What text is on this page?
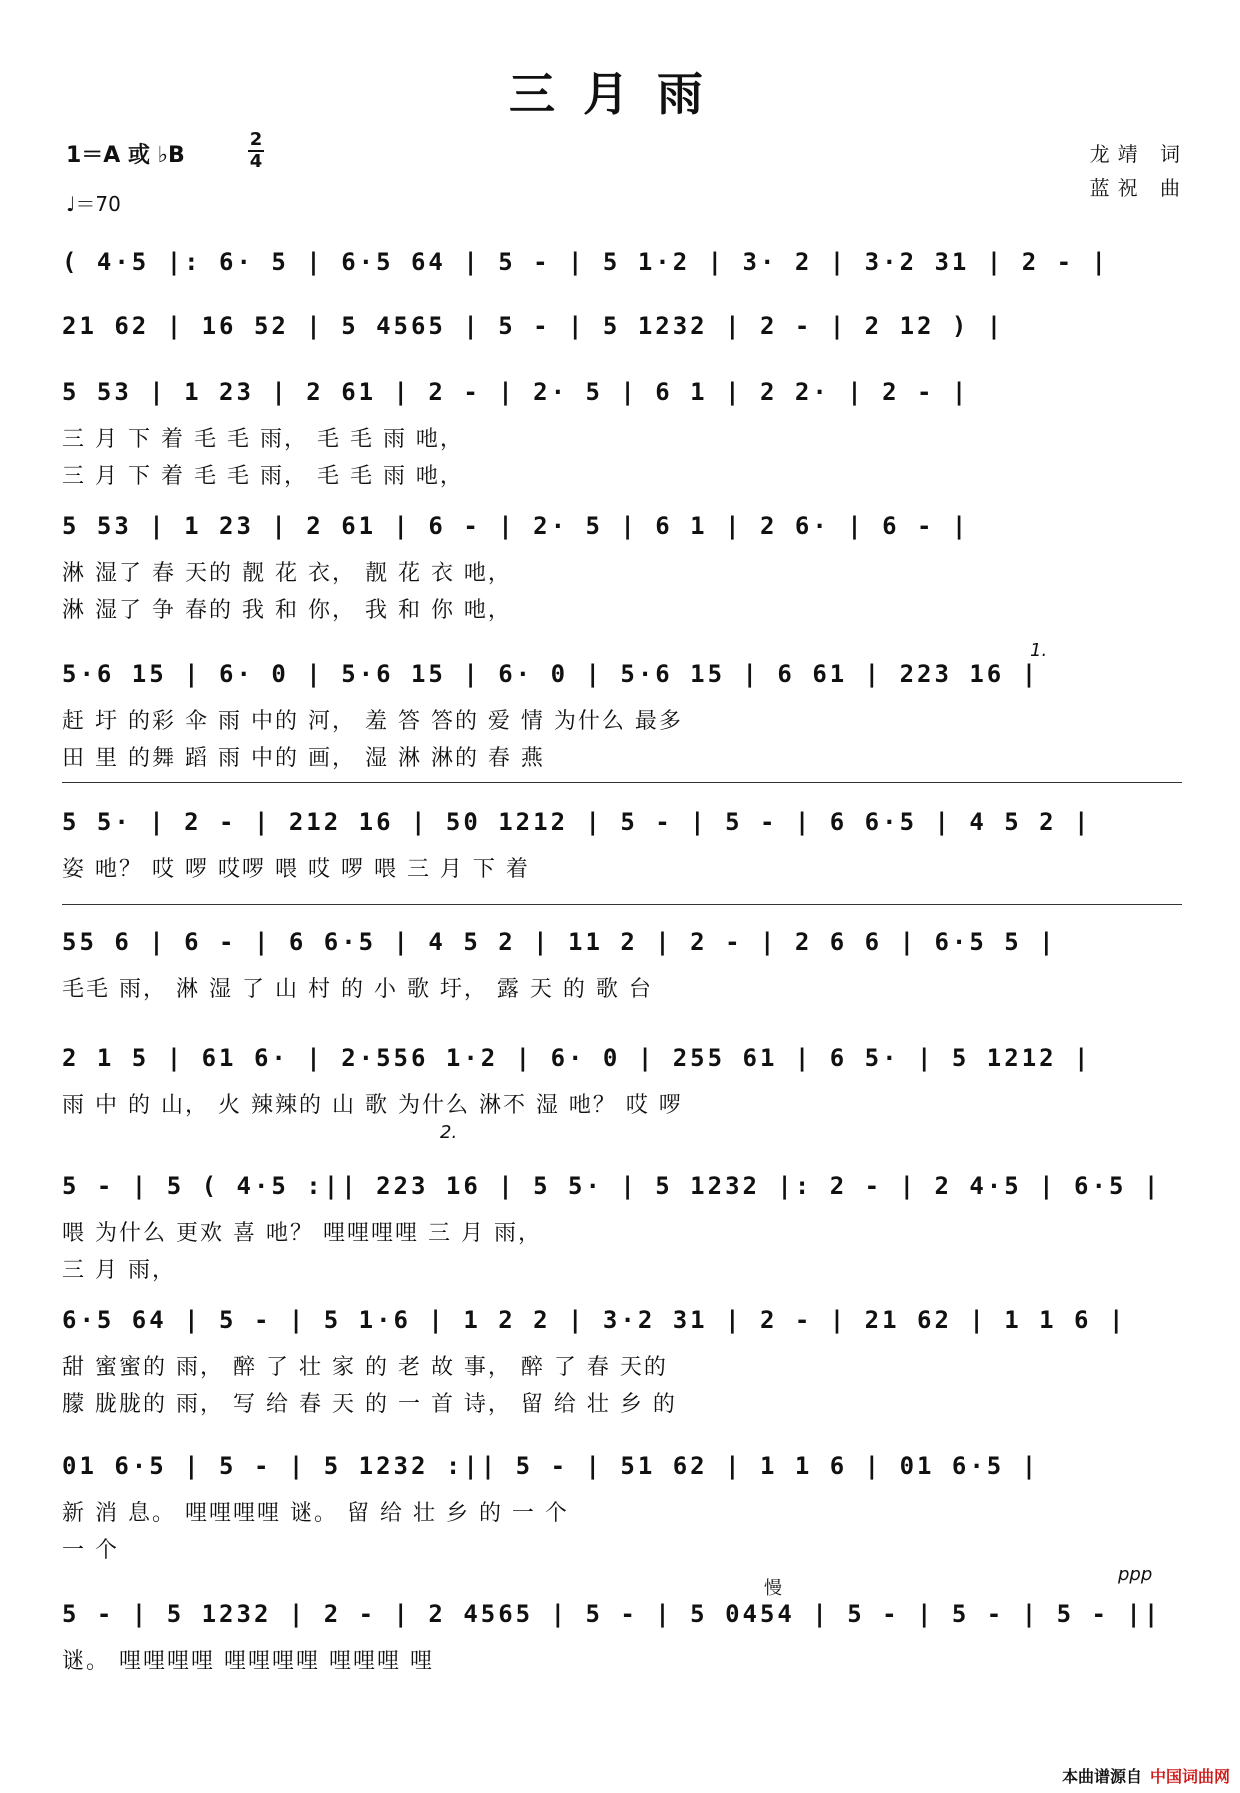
三月雨
1＝A 或 ♭B
2
4
♩＝70
龙靖 词
蓝祝 曲
( 4·5 |: 6· 5 | 6·5 64 | 5 - | 5 1·2 | 3· 2 | 3·2 31 | 2 - |
21 62 | 16 52 | 5 4565 | 5 - | 5 1232 | 2 - | 2 12 ) |
5 53 | 1 23 | 2 61 | 2 - | 2· 5 | 6 1 | 2 2· | 2 - |
三 月 下 着 毛 毛 雨， 毛 毛 雨 吔，
三 月 下 着 毛 毛 雨， 毛 毛 雨 吔，
5 53 | 1 23 | 2 61 | 6 - | 2· 5 | 6 1 | 2 6· | 6 - |
淋 湿了 春 天的 靓 花 衣， 靓 花 衣 吔，
淋 湿了 争 春的 我 和 你， 我 和 你 吔，
5·6 15 | 6· 0 | 5·6 15 | 6· 0 | 5·6 15 | 6 61 | 223 16 |
赶 圩 的彩 伞 雨 中的 河， 羞 答 答的 爱 情 为什么 最多
田 里 的舞 蹈 雨 中的 画， 湿 淋 淋的 春 燕
5 5· | 2 - | 212 16 | 50 1212 | 5 - | 5 - | 6 6·5 | 4 5 2 |
姿 吔？ 哎 啰 哎啰 喂 哎 啰 喂 三 月 下 着
55 6 | 6 - | 6 6·5 | 4 5 2 | 11 2 | 2 - | 2 6 6 | 6·5 5 |
毛毛 雨， 淋 湿 了 山 村 的 小 歌 圩， 露 天 的 歌 台
2 1 5 | 61 6· | 2·556 1·2 | 6· 0 | 255 61 | 6 5· | 5 1212 |
雨 中 的 山， 火 辣辣的 山 歌 为什么 淋不 湿 吔？ 哎 啰
5 - | 5 ( 4·5 :|| 223 16 | 5 5· | 5 1232 |: 2 - | 2 4·5 | 6·5 |
喂 为什么 更欢 喜 吔？ 哩哩哩哩 三 月 雨，
三 月 雨，
6·5 64 | 5 - | 5 1·6 | 1 2 2 | 3·2 31 | 2 - | 21 62 | 1 1 6 |
甜 蜜蜜的 雨， 醉 了 壮 家 的 老 故 事， 醉 了 春 天的
朦 胧胧的 雨， 写 给 春 天 的 一 首 诗， 留 给 壮 乡 的
01 6·5 | 5 - | 5 1232 :|| 5 - | 51 62 | 1 1 6 | 01 6·5 |
新 消 息。 哩哩哩哩 谜。 留 给 壮 乡 的 一 个
一 个
5 - | 5 1232 | 2 - | 2 4565 | 5 - | 5 0454 | 5 - | 5 - | 5 - ||
谜。 哩哩哩哩 哩哩哩哩 哩哩哩 哩
1.
2.
慢
ppp
本曲谱源自 中国词曲网
